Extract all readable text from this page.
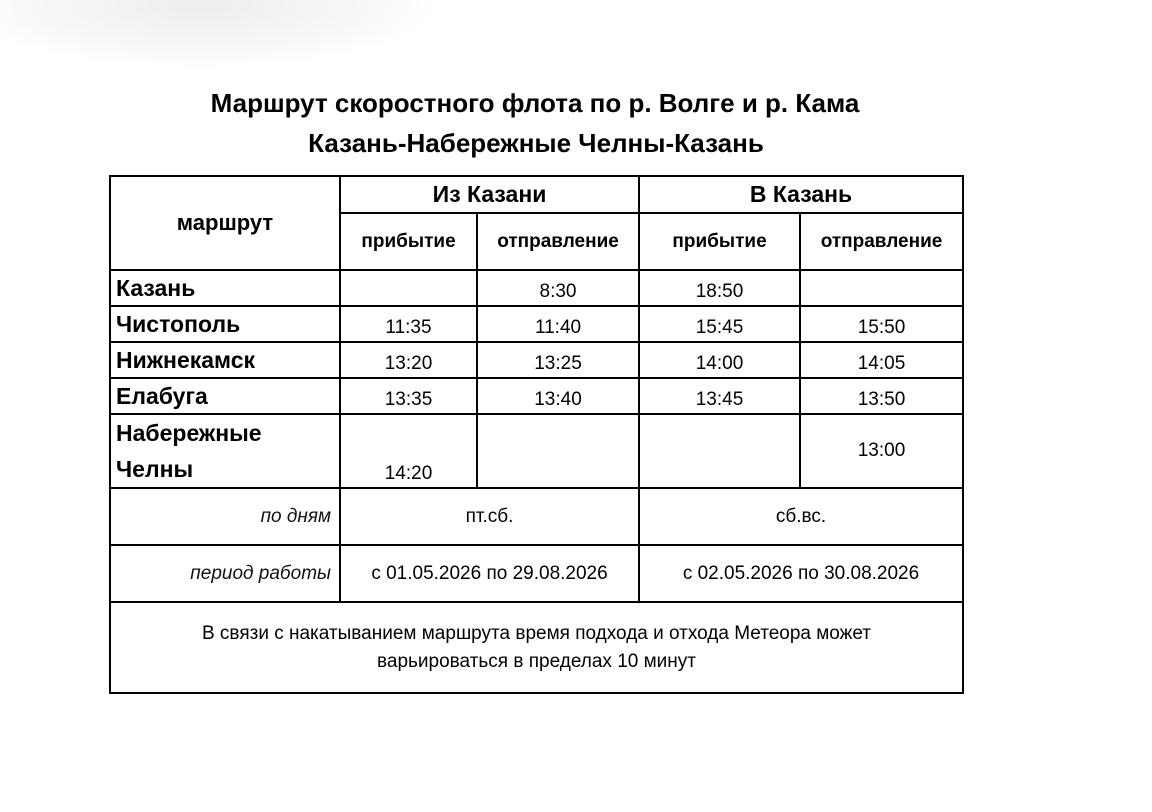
Маршрут скоростного флота по р. Волге и р. Кама
Казань-Набережные Челны-Казань
маршрут	Из Казани		В Казань	
	прибытие	отправление	прибытие	отправление
Казань		8:30	18:50	
Чистополь	11:35	11:40	15:45	15:50
Нижнекамск	13:20	13:25	14:00	14:05
Елабуга	13:35	13:40	13:45	13:50
Набережные Челны	14:20			13:00
по дням	пт.сб.		сб.вс.	
период работы	с 01.05.2026 по 29.08.2026		с 02.05.2026 по 30.08.2026	

В связи с накатыванием маршрута время подхода и отхода Метеора может варьироваться в пределах 10 минут				
